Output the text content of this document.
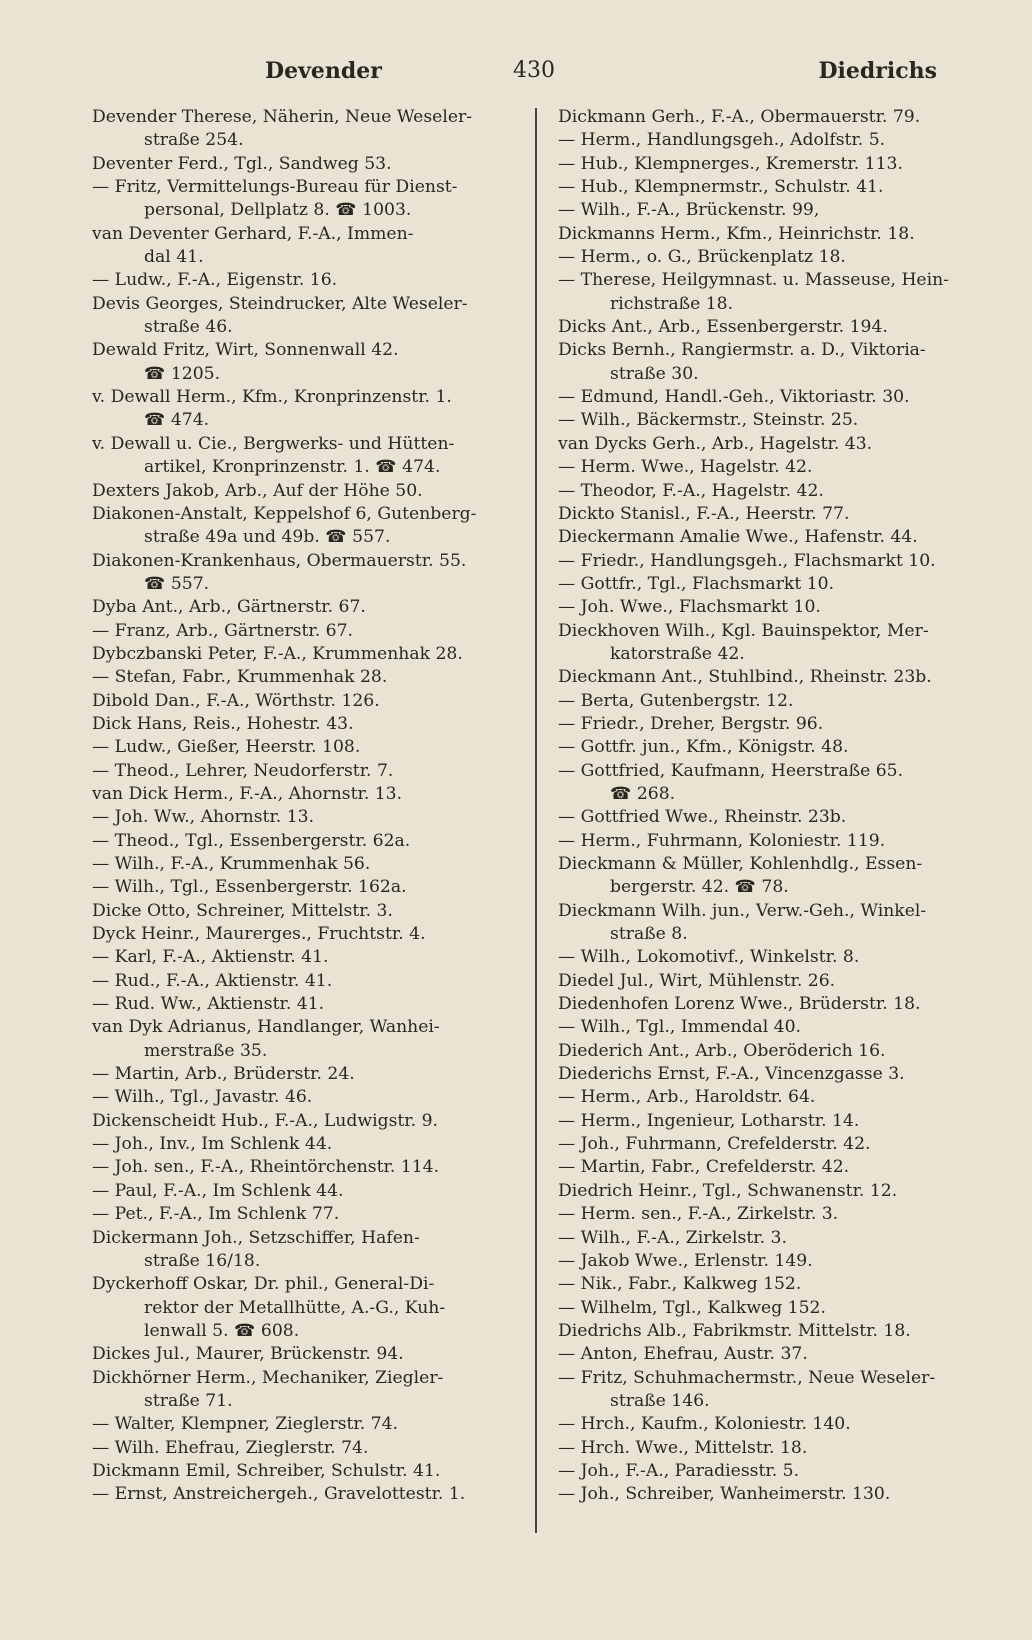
Devender	430	Diedrichs
Devender Therese, Näherin, Neue Weseler-
straße 254.
Deventer Ferd., Tgl., Sandweg 53.
— Fritz, Vermittelungs-Bureau für Dienst-
personal, Dellplatz 8. ☎ 1003.
van Deventer Gerhard, F.-A., Immen-
dal 41.
— Ludw., F.-A., Eigenstr. 16.
Devis Georges, Steindrucker, Alte Weseler-
straße 46.
Dewald Fritz, Wirt, Sonnenwall 42.
☎ 1205.
v. Dewall Herm., Kfm., Kronprinzenstr. 1.
☎ 474.
v. Dewall u. Cie., Bergwerks- und Hütten-
artikel, Kronprinzenstr. 1. ☎ 474.
Dexters Jakob, Arb., Auf der Höhe 50.
Diakonen-Anstalt, Keppelshof 6, Gutenberg-
straße 49a und 49b. ☎ 557.
Diakonen-Krankenhaus, Obermauerstr. 55.
☎ 557.
Dyba Ant., Arb., Gärtnerstr. 67.
— Franz, Arb., Gärtnerstr. 67.
Dybczbanski Peter, F.-A., Krummenhak 28.
— Stefan, Fabr., Krummenhak 28.
Dibold Dan., F.-A., Wörthstr. 126.
Dick Hans, Reis., Hohestr. 43.
— Ludw., Gießer, Heerstr. 108.
— Theod., Lehrer, Neudorferstr. 7.
van Dick Herm., F.-A., Ahornstr. 13.
— Joh. Ww., Ahornstr. 13.
— Theod., Tgl., Essenbergerstr. 62a.
— Wilh., F.-A., Krummenhak 56.
— Wilh., Tgl., Essenbergerstr. 162a.
Dicke Otto, Schreiner, Mittelstr. 3.
Dyck Heinr., Maurerges., Fruchtstr. 4.
— Karl, F.-A., Aktienstr. 41.
— Rud., F.-A., Aktienstr. 41.
— Rud. Ww., Aktienstr. 41.
van Dyk Adrianus, Handlanger, Wanhei-
merstraße 35.
— Martin, Arb., Brüderstr. 24.
— Wilh., Tgl., Javastr. 46.
Dickenscheidt Hub., F.-A., Ludwigstr. 9.
— Joh., Inv., Im Schlenk 44.
— Joh. sen., F.-A., Rheintörchenstr. 114.
— Paul, F.-A., Im Schlenk 44.
— Pet., F.-A., Im Schlenk 77.
Dickermann Joh., Setzschiffer, Hafen-
straße 16/18.
Dyckerhoff Oskar, Dr. phil., General-Di-
rektor der Metallhütte, A.-G., Kuh-
lenwall 5. ☎ 608.
Dickes Jul., Maurer, Brückenstr. 94.
Dickhörner Herm., Mechaniker, Ziegler-
straße 71.
— Walter, Klempner, Zieglerstr. 74.
— Wilh. Ehefrau, Zieglerstr. 74.
Dickmann Emil, Schreiber, Schulstr. 41.
— Ernst, Anstreichergeh., Gravelottestr. 1.
Dickmann Gerh., F.-A., Obermauerstr. 79.
— Herm., Handlungsgeh., Adolfstr. 5.
— Hub., Klempnerges., Kremerstr. 113.
— Hub., Klempnermstr., Schulstr. 41.
— Wilh., F.-A., Brückenstr. 99,
Dickmanns Herm., Kfm., Heinrichstr. 18.
— Herm., o. G., Brückenplatz 18.
— Therese, Heilgymnast. u. Masseuse, Hein-
richstraße 18.
Dicks Ant., Arb., Essenbergerstr. 194.
Dicks Bernh., Rangiermstr. a. D., Viktoria-
straße 30.
— Edmund, Handl.-Geh., Viktoriastr. 30.
— Wilh., Bäckermstr., Steinstr. 25.
van Dycks Gerh., Arb., Hagelstr. 43.
— Herm. Wwe., Hagelstr. 42.
— Theodor, F.-A., Hagelstr. 42.
Dickto Stanisl., F.-A., Heerstr. 77.
Dieckermann Amalie Wwe., Hafenstr. 44.
— Friedr., Handlungsgeh., Flachsmarkt 10.
— Gottfr., Tgl., Flachsmarkt 10.
— Joh. Wwe., Flachsmarkt 10.
Dieckhoven Wilh., Kgl. Bauinspektor, Mer-
katorstraße 42.
Dieckmann Ant., Stuhlbind., Rheinstr. 23b.
— Berta, Gutenbergstr. 12.
— Friedr., Dreher, Bergstr. 96.
— Gottfr. jun., Kfm., Königstr. 48.
— Gottfried, Kaufmann, Heerstraße 65.
☎ 268.
— Gottfried Wwe., Rheinstr. 23b.
— Herm., Fuhrmann, Koloniestr. 119.
Dieckmann & Müller, Kohlenhdlg., Essen-
bergerstr. 42. ☎ 78.
Dieckmann Wilh. jun., Verw.-Geh., Winkel-
straße 8.
— Wilh., Lokomotivf., Winkelstr. 8.
Diedel Jul., Wirt, Mühlenstr. 26.
Diedenhofen Lorenz Wwe., Brüderstr. 18.
— Wilh., Tgl., Immendal 40.
Diederich Ant., Arb., Oberöderich 16.
Diederichs Ernst, F.-A., Vincenzgasse 3.
— Herm., Arb., Haroldstr. 64.
— Herm., Ingenieur, Lotharstr. 14.
— Joh., Fuhrmann, Crefelderstr. 42.
— Martin, Fabr., Crefelderstr. 42.
Diedrich Heinr., Tgl., Schwanenstr. 12.
— Herm. sen., F.-A., Zirkelstr. 3.
— Wilh., F.-A., Zirkelstr. 3.
— Jakob Wwe., Erlenstr. 149.
— Nik., Fabr., Kalkweg 152.
— Wilhelm, Tgl., Kalkweg 152.
Diedrichs Alb., Fabrikmstr. Mittelstr. 18.
— Anton, Ehefrau, Austr. 37.
— Fritz, Schuhmachermstr., Neue Weseler-
straße 146.
— Hrch., Kaufm., Koloniestr. 140.
— Hrch. Wwe., Mittelstr. 18.
— Joh., F.-A., Paradiesstr. 5.
— Joh., Schreiber, Wanheimerstr. 130.
